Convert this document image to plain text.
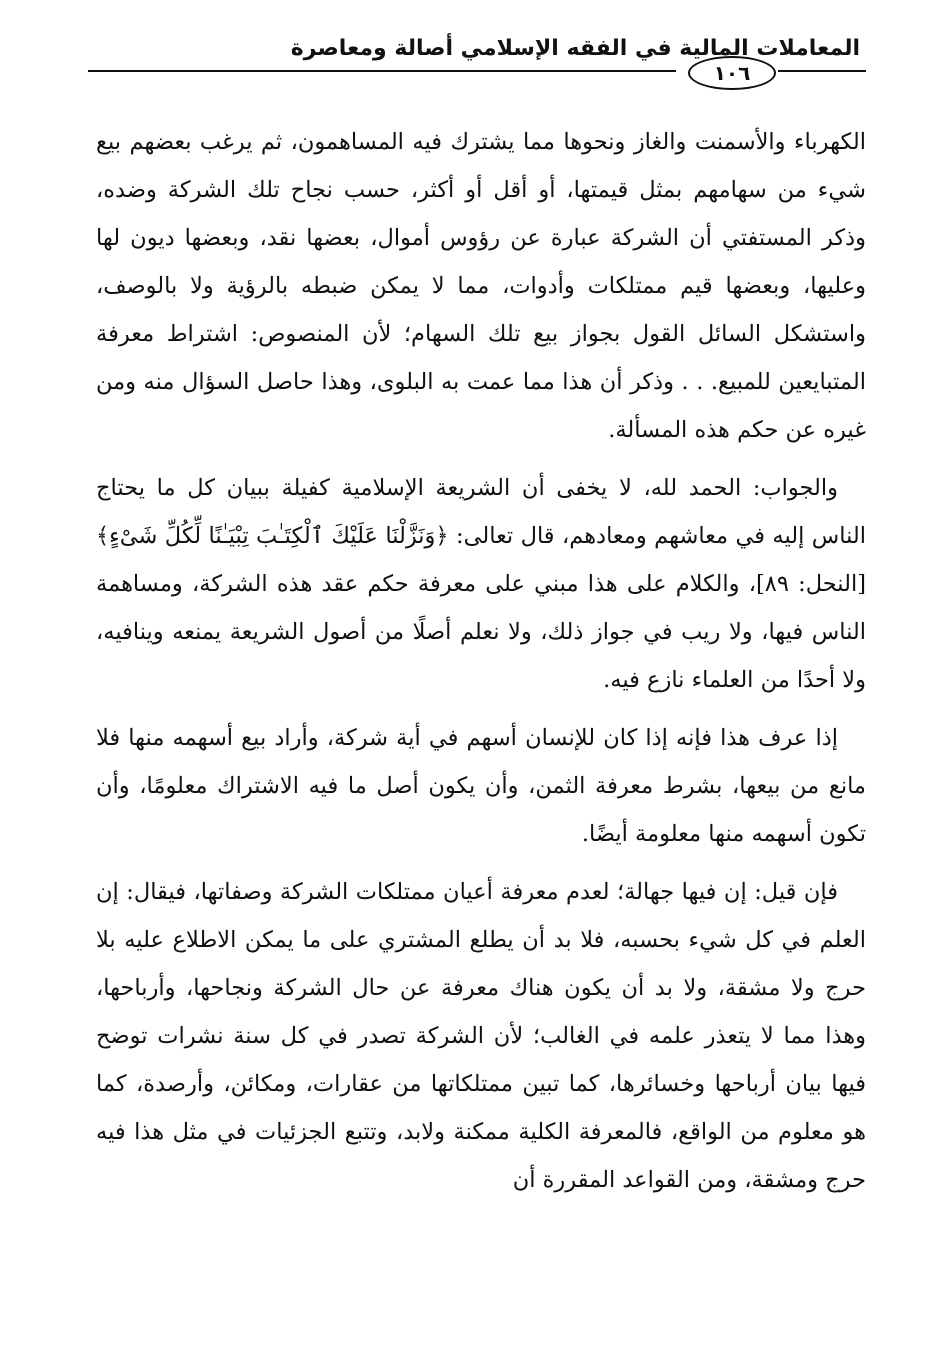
١٠٦
المعاملات المالية في الفقه الإسلامي أصالة ومعاصرة

الكهرباء والأسمنت والغاز ونحوها مما يشترك فيه المساهمون، ثم يرغب بعضهم بيع شيء من سهامهم بمثل قيمتها، أو أقل أو أكثر، حسب نجاح تلك الشركة وضده، وذكر المستفتي أن الشركة عبارة عن رؤوس أموال، بعضها نقد، وبعضها ديون لها وعليها، وبعضها قيم ممتلكات وأدوات، مما لا يمكن ضبطه بالرؤية ولا بالوصف، واستشكل السائل القول بجواز بيع تلك السهام؛ لأن المنصوص: اشتراط معرفة المتبايعين للمبيع. . . وذكر أن هذا مما عمت به البلوى، وهذا حاصل السؤال منه ومن غيره عن حكم هذه المسألة.

والجواب: الحمد لله، لا يخفى أن الشريعة الإسلامية كفيلة ببيان كل ما يحتاج الناس إليه في معاشهم ومعادهم، قال تعالى: ﴿وَنَزَّلْنَا عَلَيْكَ ٱلْكِتَـٰبَ تِبْيَـٰنًا لِّكُلِّ شَىْءٍ﴾ [النحل: ٨٩]، والكلام على هذا مبني على معرفة حكم عقد هذه الشركة، ومساهمة الناس فيها، ولا ريب في جواز ذلك، ولا نعلم أصلًا من أصول الشريعة يمنعه وينافيه، ولا أحدًا من العلماء نازع فيه.

إذا عرف هذا فإنه إذا كان للإنسان أسهم في أية شركة، وأراد بيع أسهمه منها فلا مانع من بيعها، بشرط معرفة الثمن، وأن يكون أصل ما فيه الاشتراك معلومًا، وأن تكون أسهمه منها معلومة أيضًا.

فإن قيل: إن فيها جهالة؛ لعدم معرفة أعيان ممتلكات الشركة وصفاتها، فيقال: إن العلم في كل شيء بحسبه، فلا بد أن يطلع المشتري على ما يمكن الاطلاع عليه بلا حرج ولا مشقة، ولا بد أن يكون هناك معرفة عن حال الشركة ونجاحها، وأرباحها، وهذا مما لا يتعذر علمه في الغالب؛ لأن الشركة تصدر في كل سنة نشرات توضح فيها بيان أرباحها وخسائرها، كما تبين ممتلكاتها من عقارات، ومكائن، وأرصدة، كما هو معلوم من الواقع، فالمعرفة الكلية ممكنة ولابد، وتتبع الجزئيات في مثل هذا فيه حرج ومشقة، ومن القواعد المقررة أن
